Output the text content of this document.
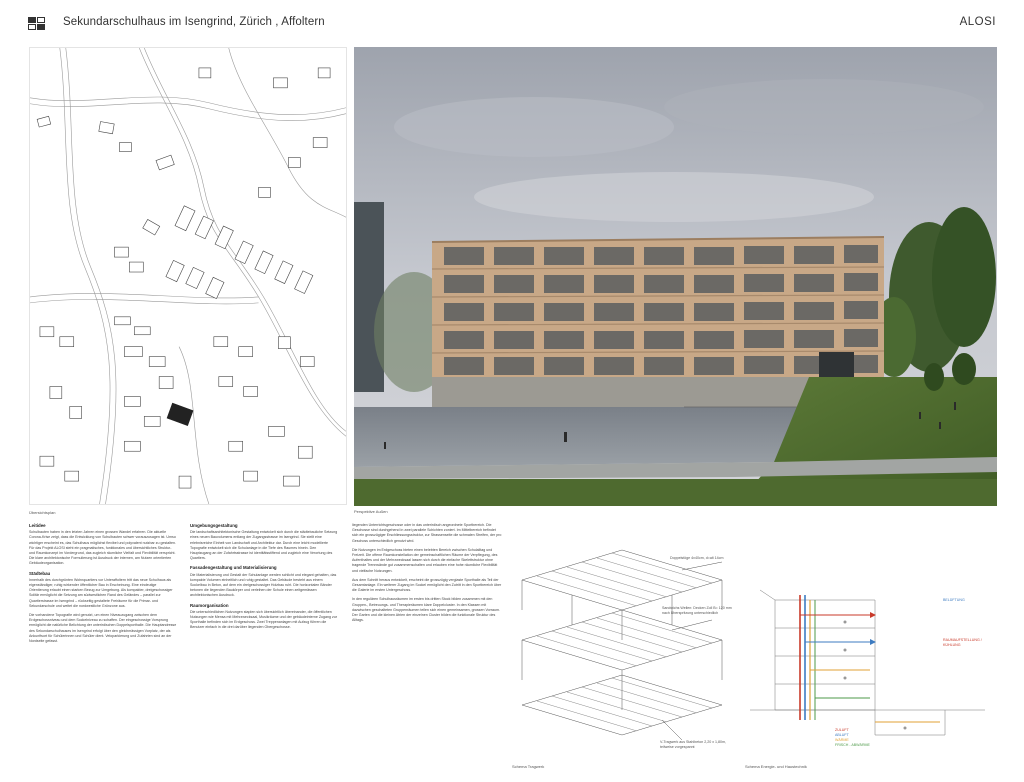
Sekundarschulhaus im Isengrind, Zürich , Affoltern	ALOSI
Übersichtsplan	Perspektive Außen
Leitidee

Schulbauten haben in den letzten Jahren einen grossen Wandel erfahren. Die aktuelle Corona-Krise zeigt, dass die Entwicklung von Schulbauten schwer vorauszusagen ist. Umso wichtiger erscheint es, das Schulhaus möglichst flexibel und polyvalent nutzbar zu gestalten. Für das Projekt ALOSI steht ein pragmatisches, funktionales und übersichtliches Struktur- und Raumkonzept im Vordergrund, das zugleich räumliche Vielfalt und Flexibilität verspricht. Die klare architektonische Formulierung ist Ausdruck der internen, am Nutzen orientierten Gebäudeorganisation.

Städtebau

Innerhalb des durchgrünten Wohnquartiers vor Unteraffoltern tritt das neue Schulhaus als eigenständiger, ruhig wirkender öffentlicher Bau in Erscheinung. Eine eindeutige Orientierung erlaubt einen starken Bezug zur Umgebung. Als kompakter, dreigeschossiger Solitär ermöglicht die Setzung am südwestlichen Rand des Geländes – parallel zur Quartierstrasse im Isengrind – rückseitig gestaltete Freiräume für die Primar- und Sekundarschule und weitet die nordwestliche Grünzone aus.

Die vorhandene Topografie wird genutzt, um einen Niveauzugang zwischen dem Erdgeschossniveau und dem Sockelniveau zu schaffen. Der eingeschossige Vorsprung ermöglicht die natürliche Belichtung der unterirdischen Doppelsporthalle. Die Hauptandresse des Sekundarschulhauses im Isengrind erfolgt über den gleichmässigen Vorplatz, der als Ankunftsort für Schülerinnen und Schüler dient. Veloparkierung und Zufahrten sind an der Nordseite gefasst.

Umgebungsgestaltung

Die landschaftsarchitektonische Gestaltung entwickelt sich durch die städtebauliche Setzung eines neuen Bauvolumens entlang der Zugangsstrasse im Isengrind. Sie stellt eine erlebnisreiche Einheit von Landschaft und Architektur dar. Durch eine leicht modellierte Topografie entwickelt sich die Schulanlage in die Tiefe des Raumes hinein. Den Hauptzugang an der Zufahrtsstrasse ist identitätsstiftend und zugleich eine Verortung des Quartiers.

Fassadengestaltung und Materialisierung

Die Materialisierung und Gestalt der Schulanlage werden schlicht und elegant gehalten, das kompakte Volumen einheitlich und ruhig gestaltet. Das Gebäude besteht aus einem Sockelbau in Beton, auf dem ein dreigeschossiger Holzbau ruht. Die horizontalen Bänder betonen die liegenden Baukörper und verleihen der Schule einen zeitgemässen architektonischen Ausdruck.

Raumorganisation

Die unterschiedlichen Nutzungen staplen sich übersichtlich übereinander, die öffentlichen Nutzungen wie Mensa mit Mehrzwecksaal, Musikräume und der gebäudeinterne Zugang zur Sporthalle befinden sich im Erdgeschoss. Zwei Treppenanlagen mit Aufzug führen die Benutzer einfach in die drei darüber liegenden Obergeschosse.

liegenden Unterrichtsgeschosse oder in das unterirdisch angeordnete Sportbereich. Die Geschosse sind durchgehend in zwei parallele Schichten zoniert. Im Mittelbereich befindet sich ein grosszügiger Erschliessungsstruktur, zur Strassenseite die schmalen Streifen, der pro Geschoss unterschiedlich genutzt wird.

Die Nutzungen im Erdgeschoss bieten einen belebten Bereich zwischen Schulalltag und Freizeit. Die offene Raumkonstellation der gemeinschaftlichen Räume der Verpflegung, des Aufenthaltes und der Mehrzwecksaal lassen sich durch die einfache Skelettstruktur ohne tragende Trennwände gut zusammenschalten und erlauben eine hohe räumliche Flexibilität und vielfache Nutzungen.

Aus dem Schnitt heraus entwickelt, erscheint die grosszügig verglaste Sporthalle als Teil der Gesamtanlage. Ein weiterer Zugang im Sockel ermöglicht den Zutritt in den Sportbereich über die Galerie im ersten Untergeschoss.

In den regulären Schulhausräumen im ersten bis dritten Stock bilden zusammen mit den Gruppen-, Betreuungs- und Therapieräumen klare Doppelcluster. In den Klassen mit dazwischen geschalteten Gruppenräumen teilen sich einen gemeinsamen, grossen Vorraum. Der Garten und die kleinen Atrien der einzelnen Cluster bilden die funktionale Struktur des Alltags.

Doppelstöge 4x40cm, d=alt 14cm
Sandwichs Wellen: Decken Zoll B= 120 mm nach Überspritzung unterschiedlich
V-Tragwerk aus Stahlbeton 2,20 x 1,80m, teilweise vorgespannt
Schema Tragwerk
BELÜFTUNG
RAUMAUFSTELLUNG / KÜHLUNG
ZULUFT
ABLUFT
WÄRME
FRISCH - ABWÄRME
Schema Energie- und Haustechnik
